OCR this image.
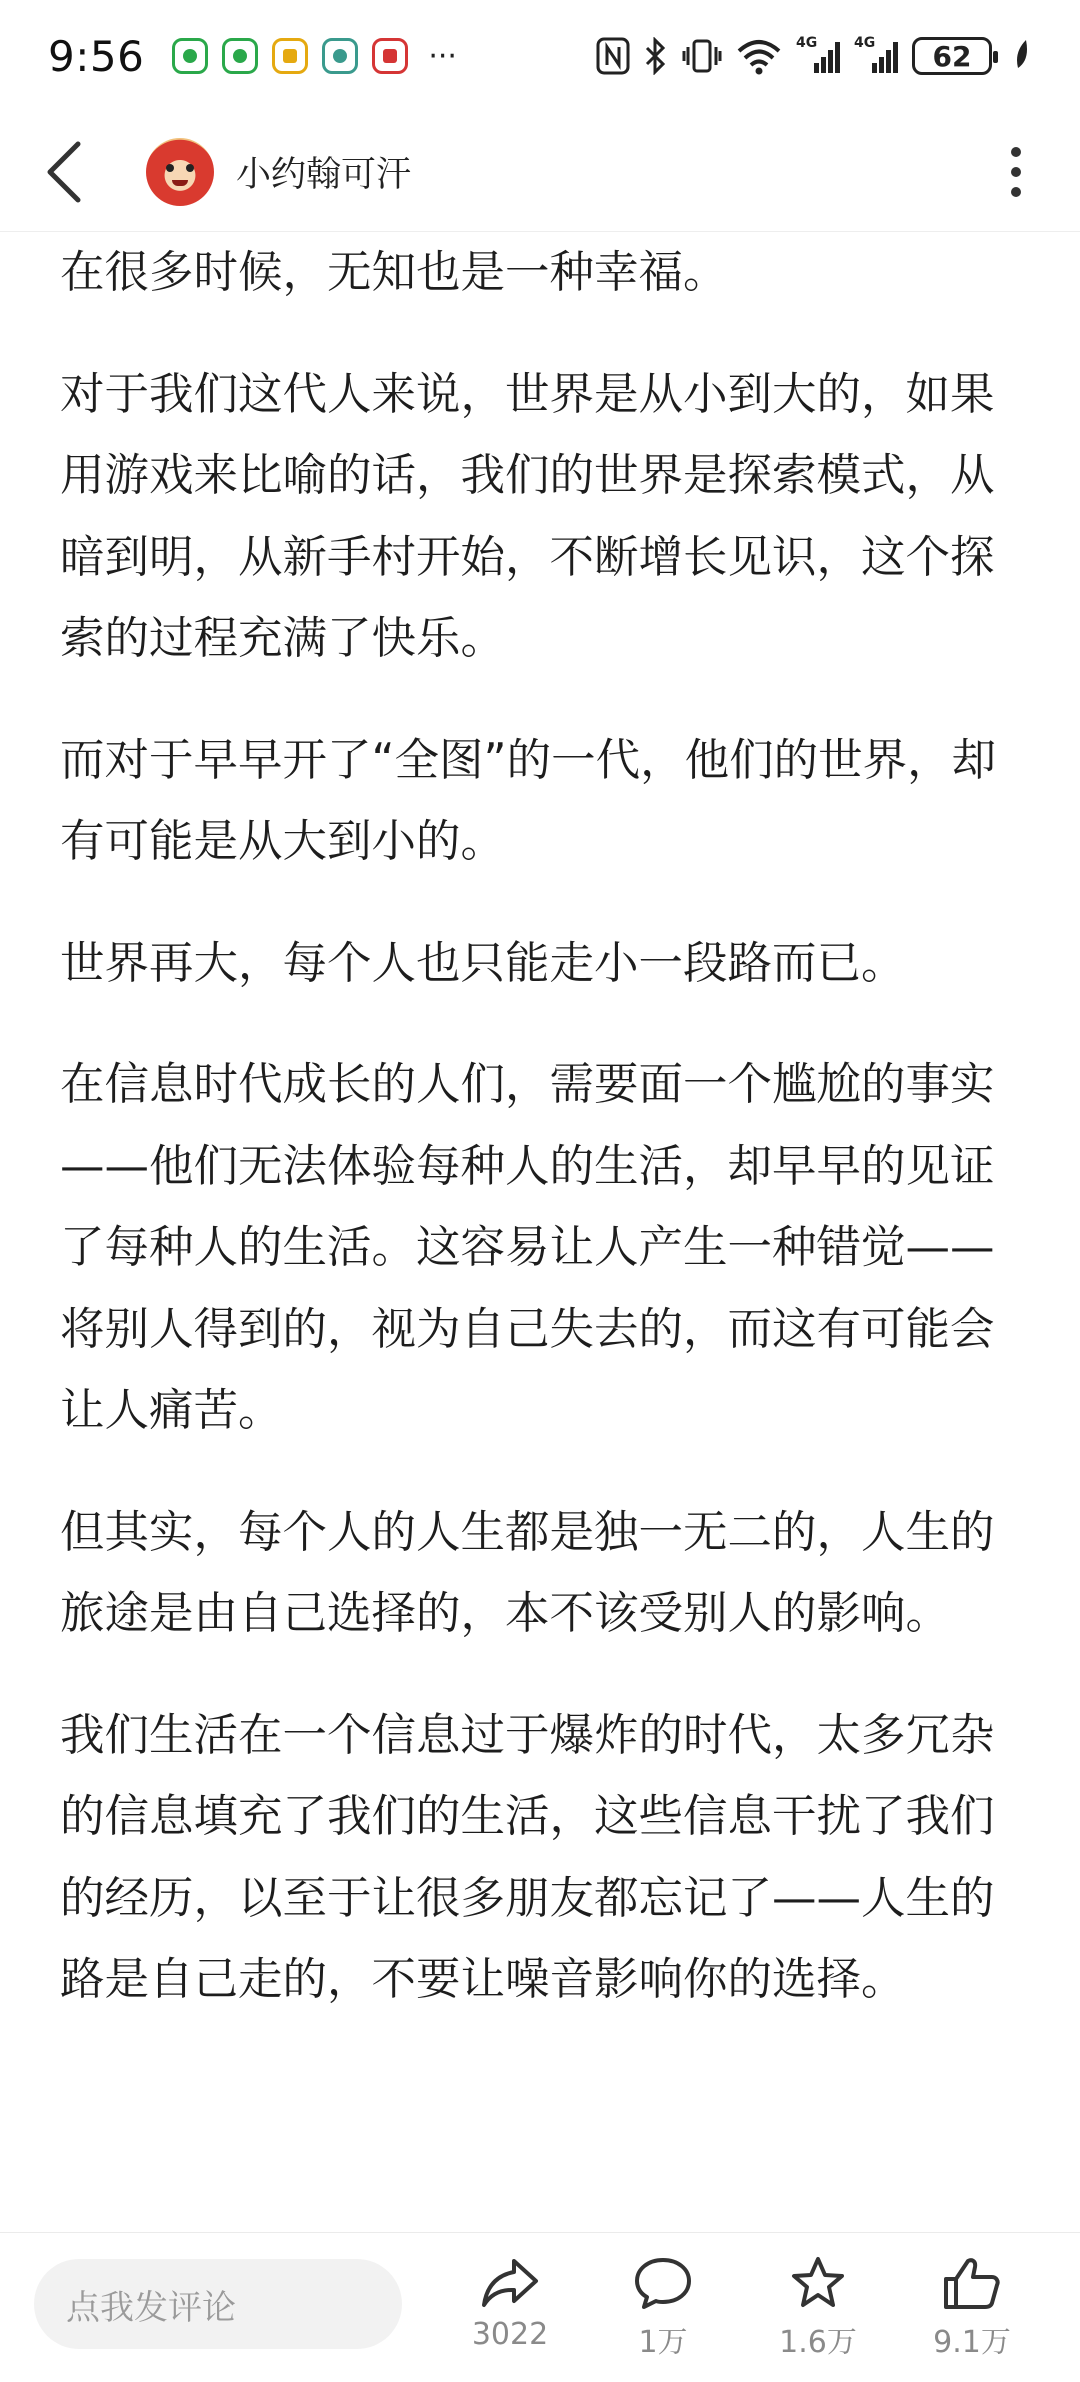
9:56	···	4G	4G 62
小约翰可汗

在很多时候，无知也是一种幸福。

对于我们这代人来说，世界是从小到大的，如果用游戏来比喻的话，我们的世界是探索模式，从暗到明，从新手村开始，不断增长见识，这个探索的过程充满了快乐。

而对于早早开了“全图”的一代，他们的世界，却有可能是从大到小的。

世界再大，每个人也只能走小一段路而已。

在信息时代成长的人们，需要面一个尴尬的事实——他们无法体验每种人的生活，却早早的见证了每种人的生活。这容易让人产生一种错觉——将别人得到的，视为自己失去的，而这有可能会让人痛苦。

但其实，每个人的人生都是独一无二的，人生的旅途是由自己选择的，本不该受别人的影响。

我们生活在一个信息过于爆炸的时代，太多冗杂的信息填充了我们的生活，这些信息干扰了我们的经历，以至于让很多朋友都忘记了——人生的路是自己走的，不要让噪音影响你的选择。

点我发评论
3022	1万	1.6万	9.1万
